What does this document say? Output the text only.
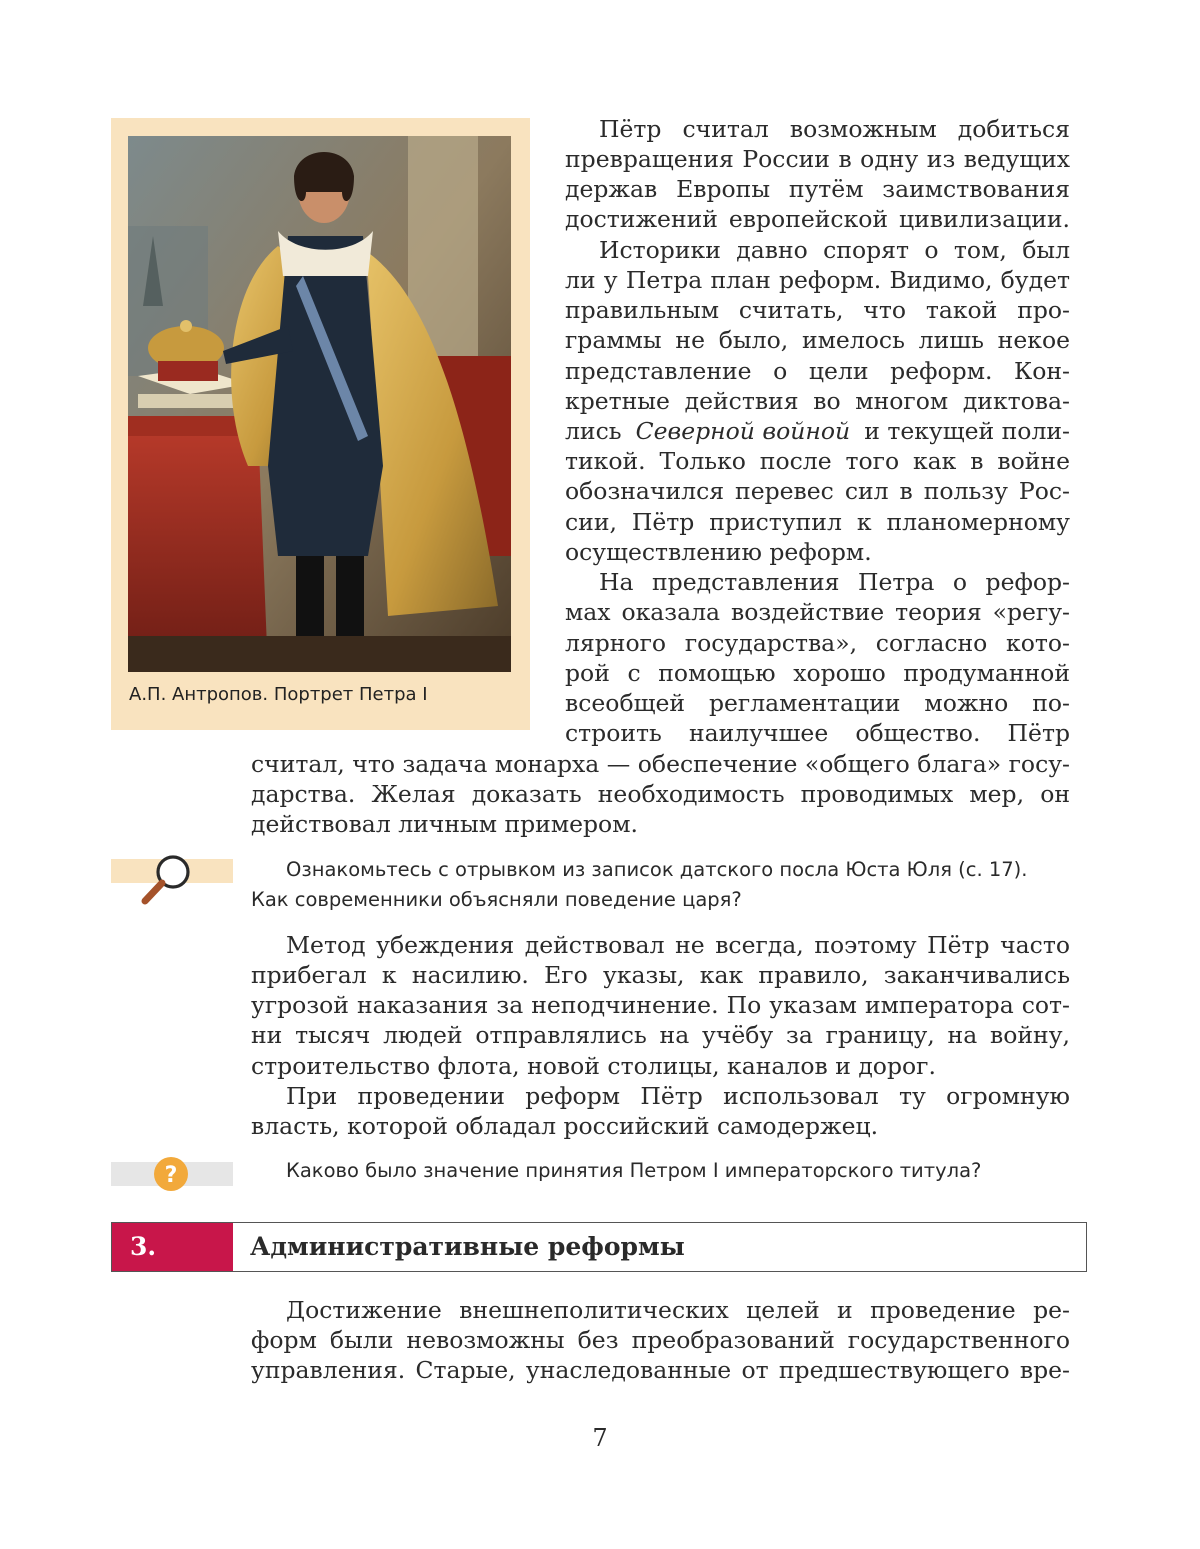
А.П. Антропов. Портрет Петра I
Пётр считал возможным добиться
превращения России в одну из ведущих
держав Европы путём заимствования
достижений европейской цивилизации.
Историки давно спорят о том, был
ли у Петра план реформ. Видимо, будет
правильным считать, что такой про-
граммы не было, имелось лишь некое
представление о цели реформ. Кон-
кретные действия во многом диктова-
лись Северной войной и текущей поли-
тикой. Только после того как в войне
обозначился перевес сил в пользу Рос-
сии, Пётр приступил к планомерному
осуществлению реформ.
На представления Петра о рефор-
мах оказала воздействие теория «регу-
лярного государства», согласно кото-
рой с помощью хорошо продуманной
всеобщей регламентации можно по-
строить наилучшее общество. Пётр
считал, что задача монарха — обеспечение «общего блага» госу-
дарства. Желая доказать необходимость проводимых мер, он
действовал личным примером.
Ознакомьтесь с отрывком из записок датского посла Юста Юля (с. 17).
Как современники объясняли поведение царя?
Метод убеждения действовал не всегда, поэтому Пётр часто
прибегал к насилию. Его указы, как правило, заканчивались
угрозой наказания за неподчинение. По указам императора сот-
ни тысяч людей отправлялись на учёбу за границу, на войну,
строительство флота, новой столицы, каналов и дорог.
При проведении реформ Пётр использовал ту огромную
власть, которой обладал российский самодержец.
?	Каково было значение принятия Петром I императорского титула?
3.	Административные реформы
Достижение внешнеполитических целей и проведение ре-
форм были невозможны без преобразований государственного
управления. Старые, унаследованные от предшествующего вре-
7
